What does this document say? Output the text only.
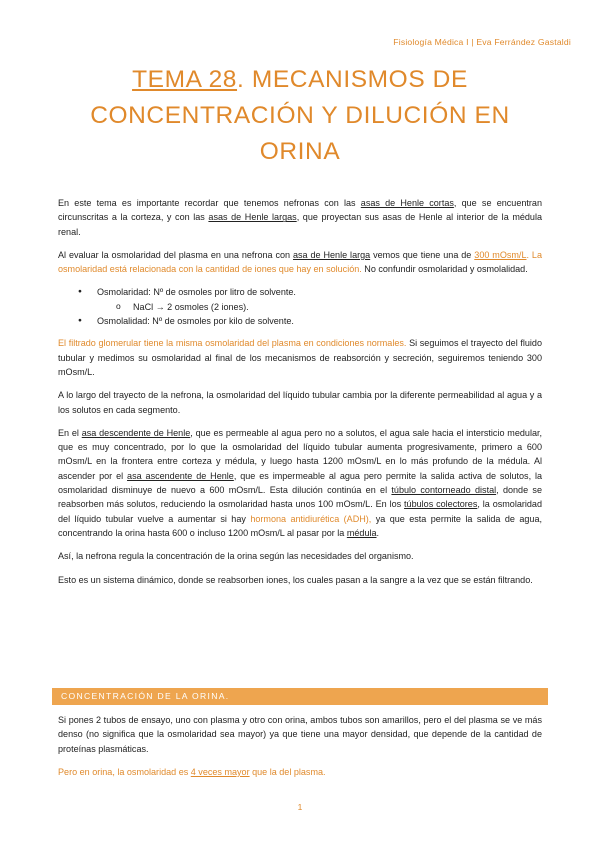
Fisiología Médica I | Eva Ferrández Gastaldi
TEMA 28. MECANISMOS DE
CONCENTRACIÓN Y DILUCIÓN EN
ORINA

En este tema es importante recordar que tenemos nefronas con las asas de Henle cortas, que se encuentran circunscritas a la corteza, y con las asas de Henle largas, que proyectan sus asas de Henle al interior de la médula renal.

Al evaluar la osmolaridad del plasma en una nefrona con asa de Henle larga vemos que tiene una de 300 mOsm/L. La osmolaridad está relacionada con la cantidad de iones que hay en solución. No confundir osmolaridad y osmolalidad.

● Osmolaridad: Nº de osmoles por litro de solvente.
o NaCl → 2 osmoles (2 iones).
● Osmolalidad: Nº de osmoles por kilo de solvente.

El filtrado glomerular tiene la misma osmolaridad del plasma en condiciones normales. Si seguimos el trayecto del fluido tubular y medimos su osmolaridad al final de los mecanismos de reabsorción y secreción, seguiremos teniendo 300 mOsm/L.

A lo largo del trayecto de la nefrona, la osmolaridad del líquido tubular cambia por la diferente permeabilidad al agua y a los solutos en cada segmento.

En el asa descendente de Henle, que es permeable al agua pero no a solutos, el agua sale hacia el intersticio medular, que es muy concentrado, por lo que la osmolaridad del líquido tubular aumenta progresivamente, primero a 600 mOsm/L en la frontera entre corteza y médula, y luego hasta 1200 mOsm/L en lo más profundo de la médula. Al ascender por el asa ascendente de Henle, que es impermeable al agua pero permite la salida activa de solutos, la osmolaridad disminuye de nuevo a 600 mOsm/L. Esta dilución continúa en el túbulo contorneado distal, donde se reabsorben más solutos, reduciendo la osmolaridad hasta unos 100 mOsm/L. En los túbulos colectores, la osmolaridad del líquido tubular vuelve a aumentar si hay hormona antidiurética (ADH), ya que esta permite la salida de agua, concentrando la orina hasta 600 o incluso 1200 mOsm/L al pasar por la médula.

Así, la nefrona regula la concentración de la orina según las necesidades del organismo.

Esto es un sistema dinámico, donde se reabsorben iones, los cuales pasan a la sangre a la vez que se están filtrando.

CONCENTRACIÓN DE LA ORINA.

Si pones 2 tubos de ensayo, uno con plasma y otro con orina, ambos tubos son amarillos, pero el del plasma se ve más denso (no significa que la osmolaridad sea mayor) ya que tiene una mayor densidad, que depende de la cantidad de proteínas plasmáticas.

Pero en orina, la osmolaridad es 4 veces mayor que la del plasma.

1
